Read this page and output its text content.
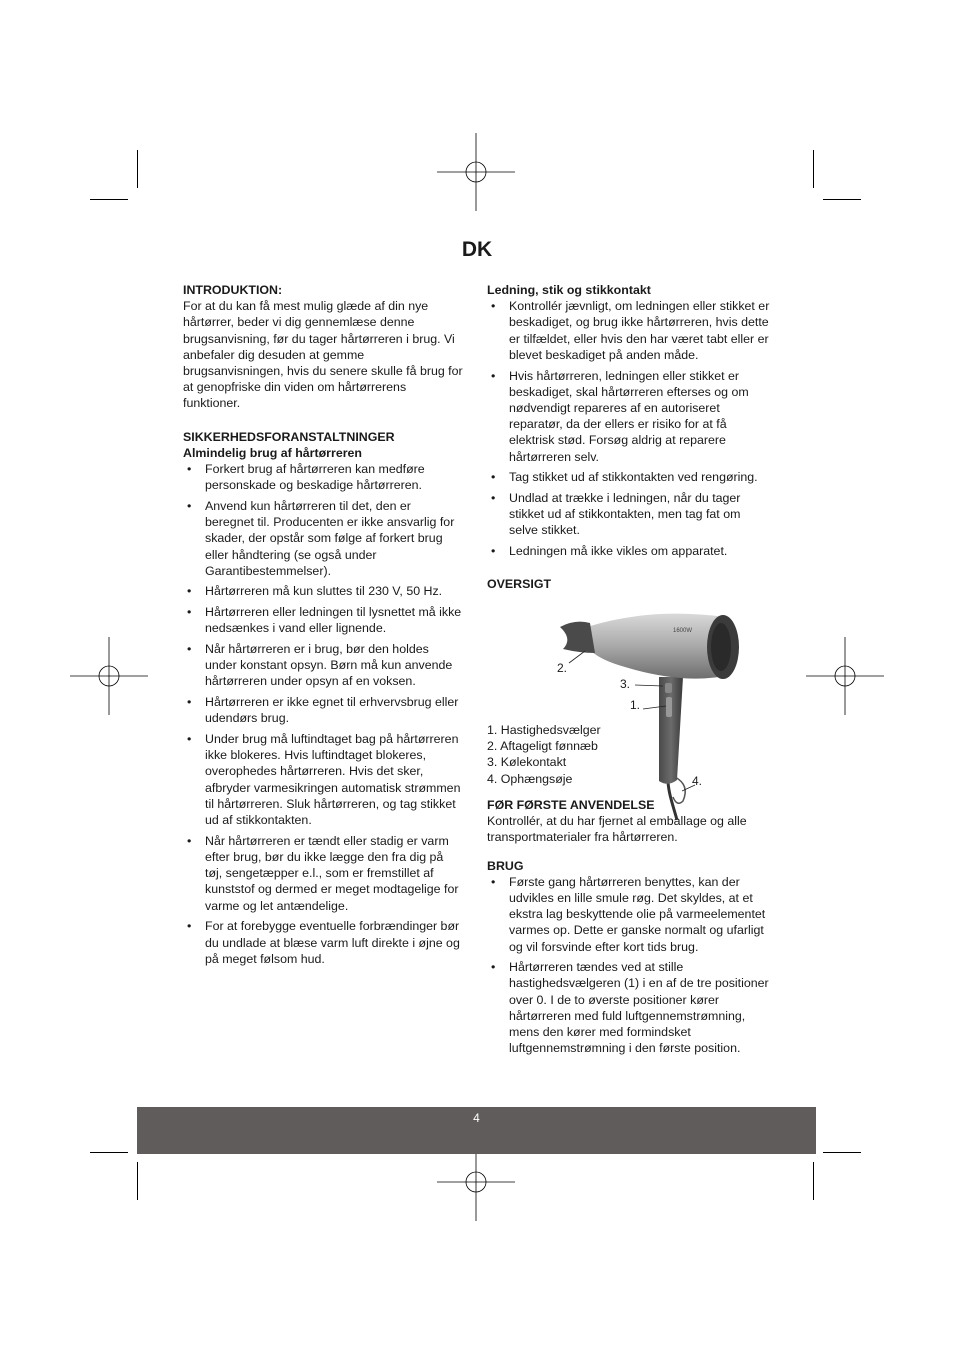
DK

INTRODUKTION:

For at du kan få mest mulig glæde af din nye hårtørrer, beder vi dig gennemlæse denne brugsanvisning, før du tager hårtørreren i brug. Vi anbefaler dig desuden at gemme brugsanvisningen, hvis du senere skulle få brug for at genopfriske din viden om hårtørrerens funktioner.

SIKKERHEDSFORANSTALTNINGER

Almindelig brug af hårtørreren

• Forkert brug af hårtørreren kan medføre personskade og beskadige hårtørreren.
• Anvend kun hårtørreren til det, den er beregnet til. Producenten er ikke ansvarlig for skader, der opstår som følge af forkert brug eller håndtering (se også under Garantibestemmelser).
• Hårtørreren må kun sluttes til 230 V, 50 Hz.
• Hårtørreren eller ledningen til lysnettet må ikke nedsænkes i vand eller lignende.
• Når hårtørreren er i brug, bør den holdes under konstant opsyn. Børn må kun anvende hårtørreren under opsyn af en voksen.
• Hårtørreren er ikke egnet til erhvervsbrug eller udendørs brug.
• Under brug må luftindtaget bag på hårtørreren ikke blokeres. Hvis luftindtaget blokeres, overophedes hårtørreren. Hvis det sker, afbryder varmesikringen automatisk strømmen til hårtørreren. Sluk hårtørreren, og tag stikket ud af stikkontakten.
• Når hårtørreren er tændt eller stadig er varm efter brug, bør du ikke lægge den fra dig på tøj, sengetæpper e.l., som er fremstillet af kunststof og dermed er meget modtagelige for varme og let antændelige.
• For at forebygge eventuelle forbrændinger bør du undlade at blæse varm luft direkte i øjne og på meget følsom hud.

Ledning, stik og stikkontakt

• Kontrollér jævnligt, om ledningen eller stikket er beskadiget, og brug ikke hårtørreren, hvis dette er tilfældet, eller hvis den har været tabt eller er blevet beskadiget på anden måde.
• Hvis hårtørreren, ledningen eller stikket er beskadiget, skal hårtørreren efterses og om nødvendigt repareres af en autoriseret reparatør, da der ellers er risiko for at få elektrisk stød. Forsøg aldrig at reparere hårtørreren selv.
• Tag stikket ud af stikkontakten ved rengøring.
• Undlad at trække i ledningen, når du tager stikket ud af stikkontakten, men tag fat om selve stikket.
• Ledningen må ikke vikles om apparatet.

OVERSIGT

1. Hastighedsvælger
2. Aftageligt fønnæb
3. Kølekontakt
4. Ophængsøje

FØR FØRSTE ANVENDELSE

Kontrollér, at du har fjernet al emballage og alle transportmaterialer fra hårtørreren.

BRUG

• Første gang hårtørreren benyttes, kan der udvikles en lille smule røg. Det skyldes, at et ekstra lag beskyttende olie på varmeelementet varmes op. Dette er ganske normalt og ufarligt og vil forsvinde efter kort tids brug.
• Hårtørreren tændes ved at stille hastighedsvælgeren (1) i en af de tre positioner over 0. I de to øverste positioner kører hårtørreren med fuld luftgennemstrømning, mens den kører med formindsket luftgennemstrømning i den første position.
1600W
2.
3.
1.
4.
4
